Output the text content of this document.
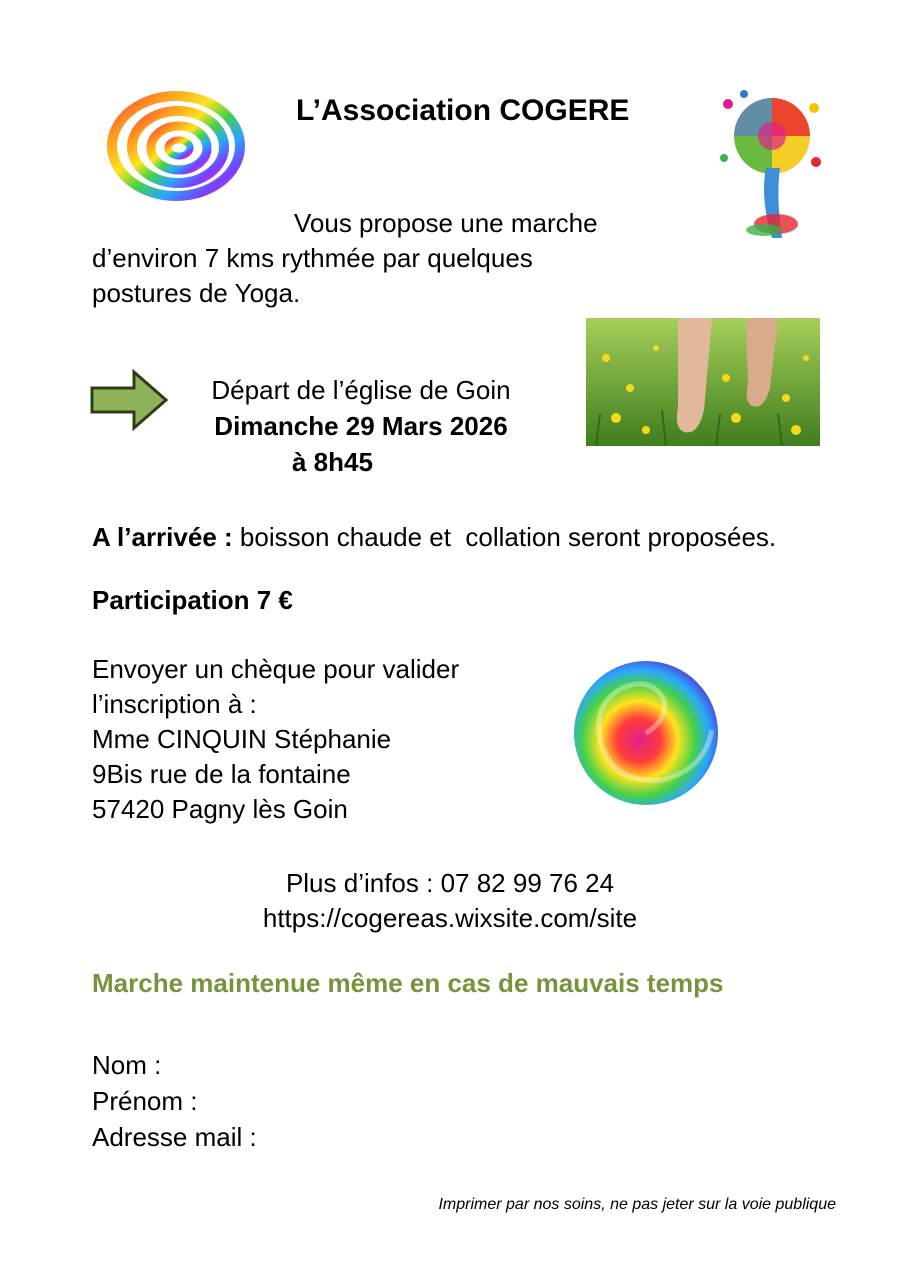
L’Association COGERE
Vous propose une marche
d’environ 7 kms rythmée par quelques
postures de Yoga.
Départ de l’église de Goin
Dimanche 29 Mars 2026
à 8h45
A l’arrivée : boisson chaude et  collation seront proposées.
Participation 7 €
Envoyer un chèque pour valider
l’inscription à :
Mme CINQUIN Stéphanie
9Bis rue de la fontaine
57420 Pagny lès Goin
Plus d’infos : 07 82 99 76 24
https://cogereas.wixsite.com/site
Marche maintenue même en cas de mauvais temps
Nom :
Prénom :
Adresse mail :
Imprimer par nos soins, ne pas jeter sur la voie publique
